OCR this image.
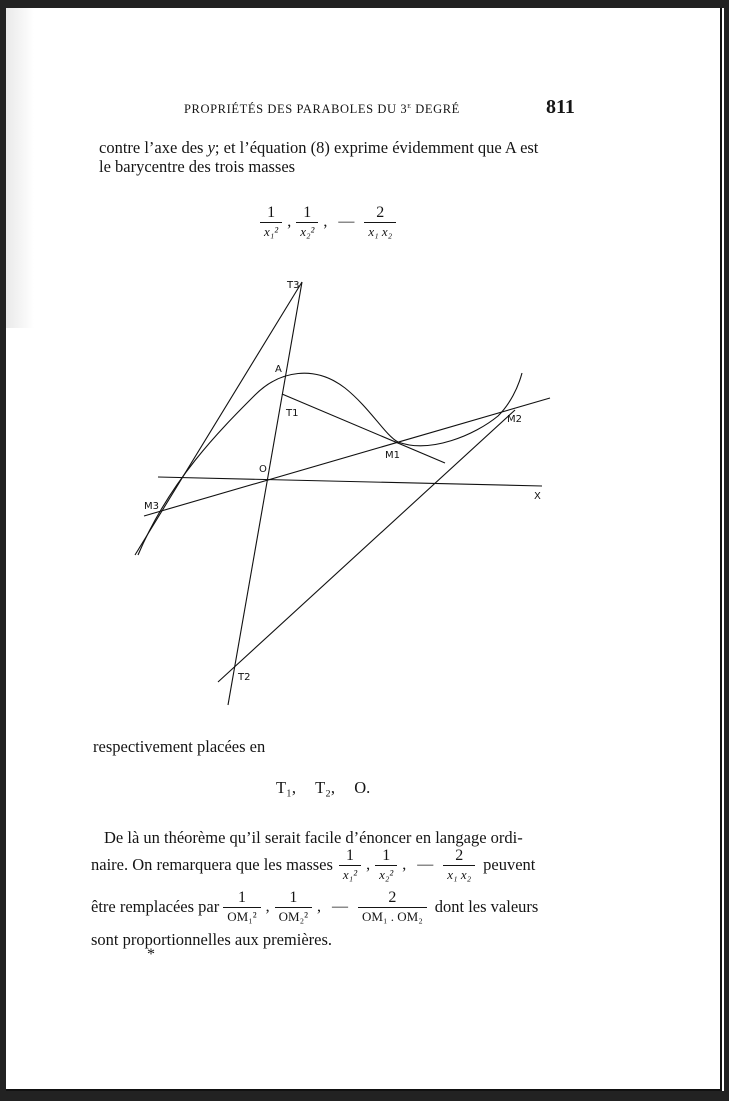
PROPRIÉTÉS DES PARABOLES DU 3e DEGRÉ	811
contre l’axe des y; et l’équation (8) exprime évidemment que A est
le barycentre des trois masses
$\frac{1}{\text{x₁²}}$ , $\frac{1}{\text{x₂²}}$ , — $\frac{2}{\text{x₁ x₂}}$
T3
A
T1
M2
M1
O
X
M3
T2
respectivement placées en
T₁, T₂, O.
De là un théorème qu’il serait facile d’énoncer en langage ordi-
naire. On remarquera que les masses $\frac{1}{\text{x₁²}}$ , $\frac{1}{\text{x₂²}}$ , — $\frac{2}{\text{x₁ x₂}}$ peuvent
être remplacées par $\frac{1}{\text{OM₁²}}$ , $\frac{1}{\text{OM₂²}}$ , — $\frac{2}{\text{OM₁ . OM₂}}$ dont les valeurs
sont proportionnelles aux premières.
*
